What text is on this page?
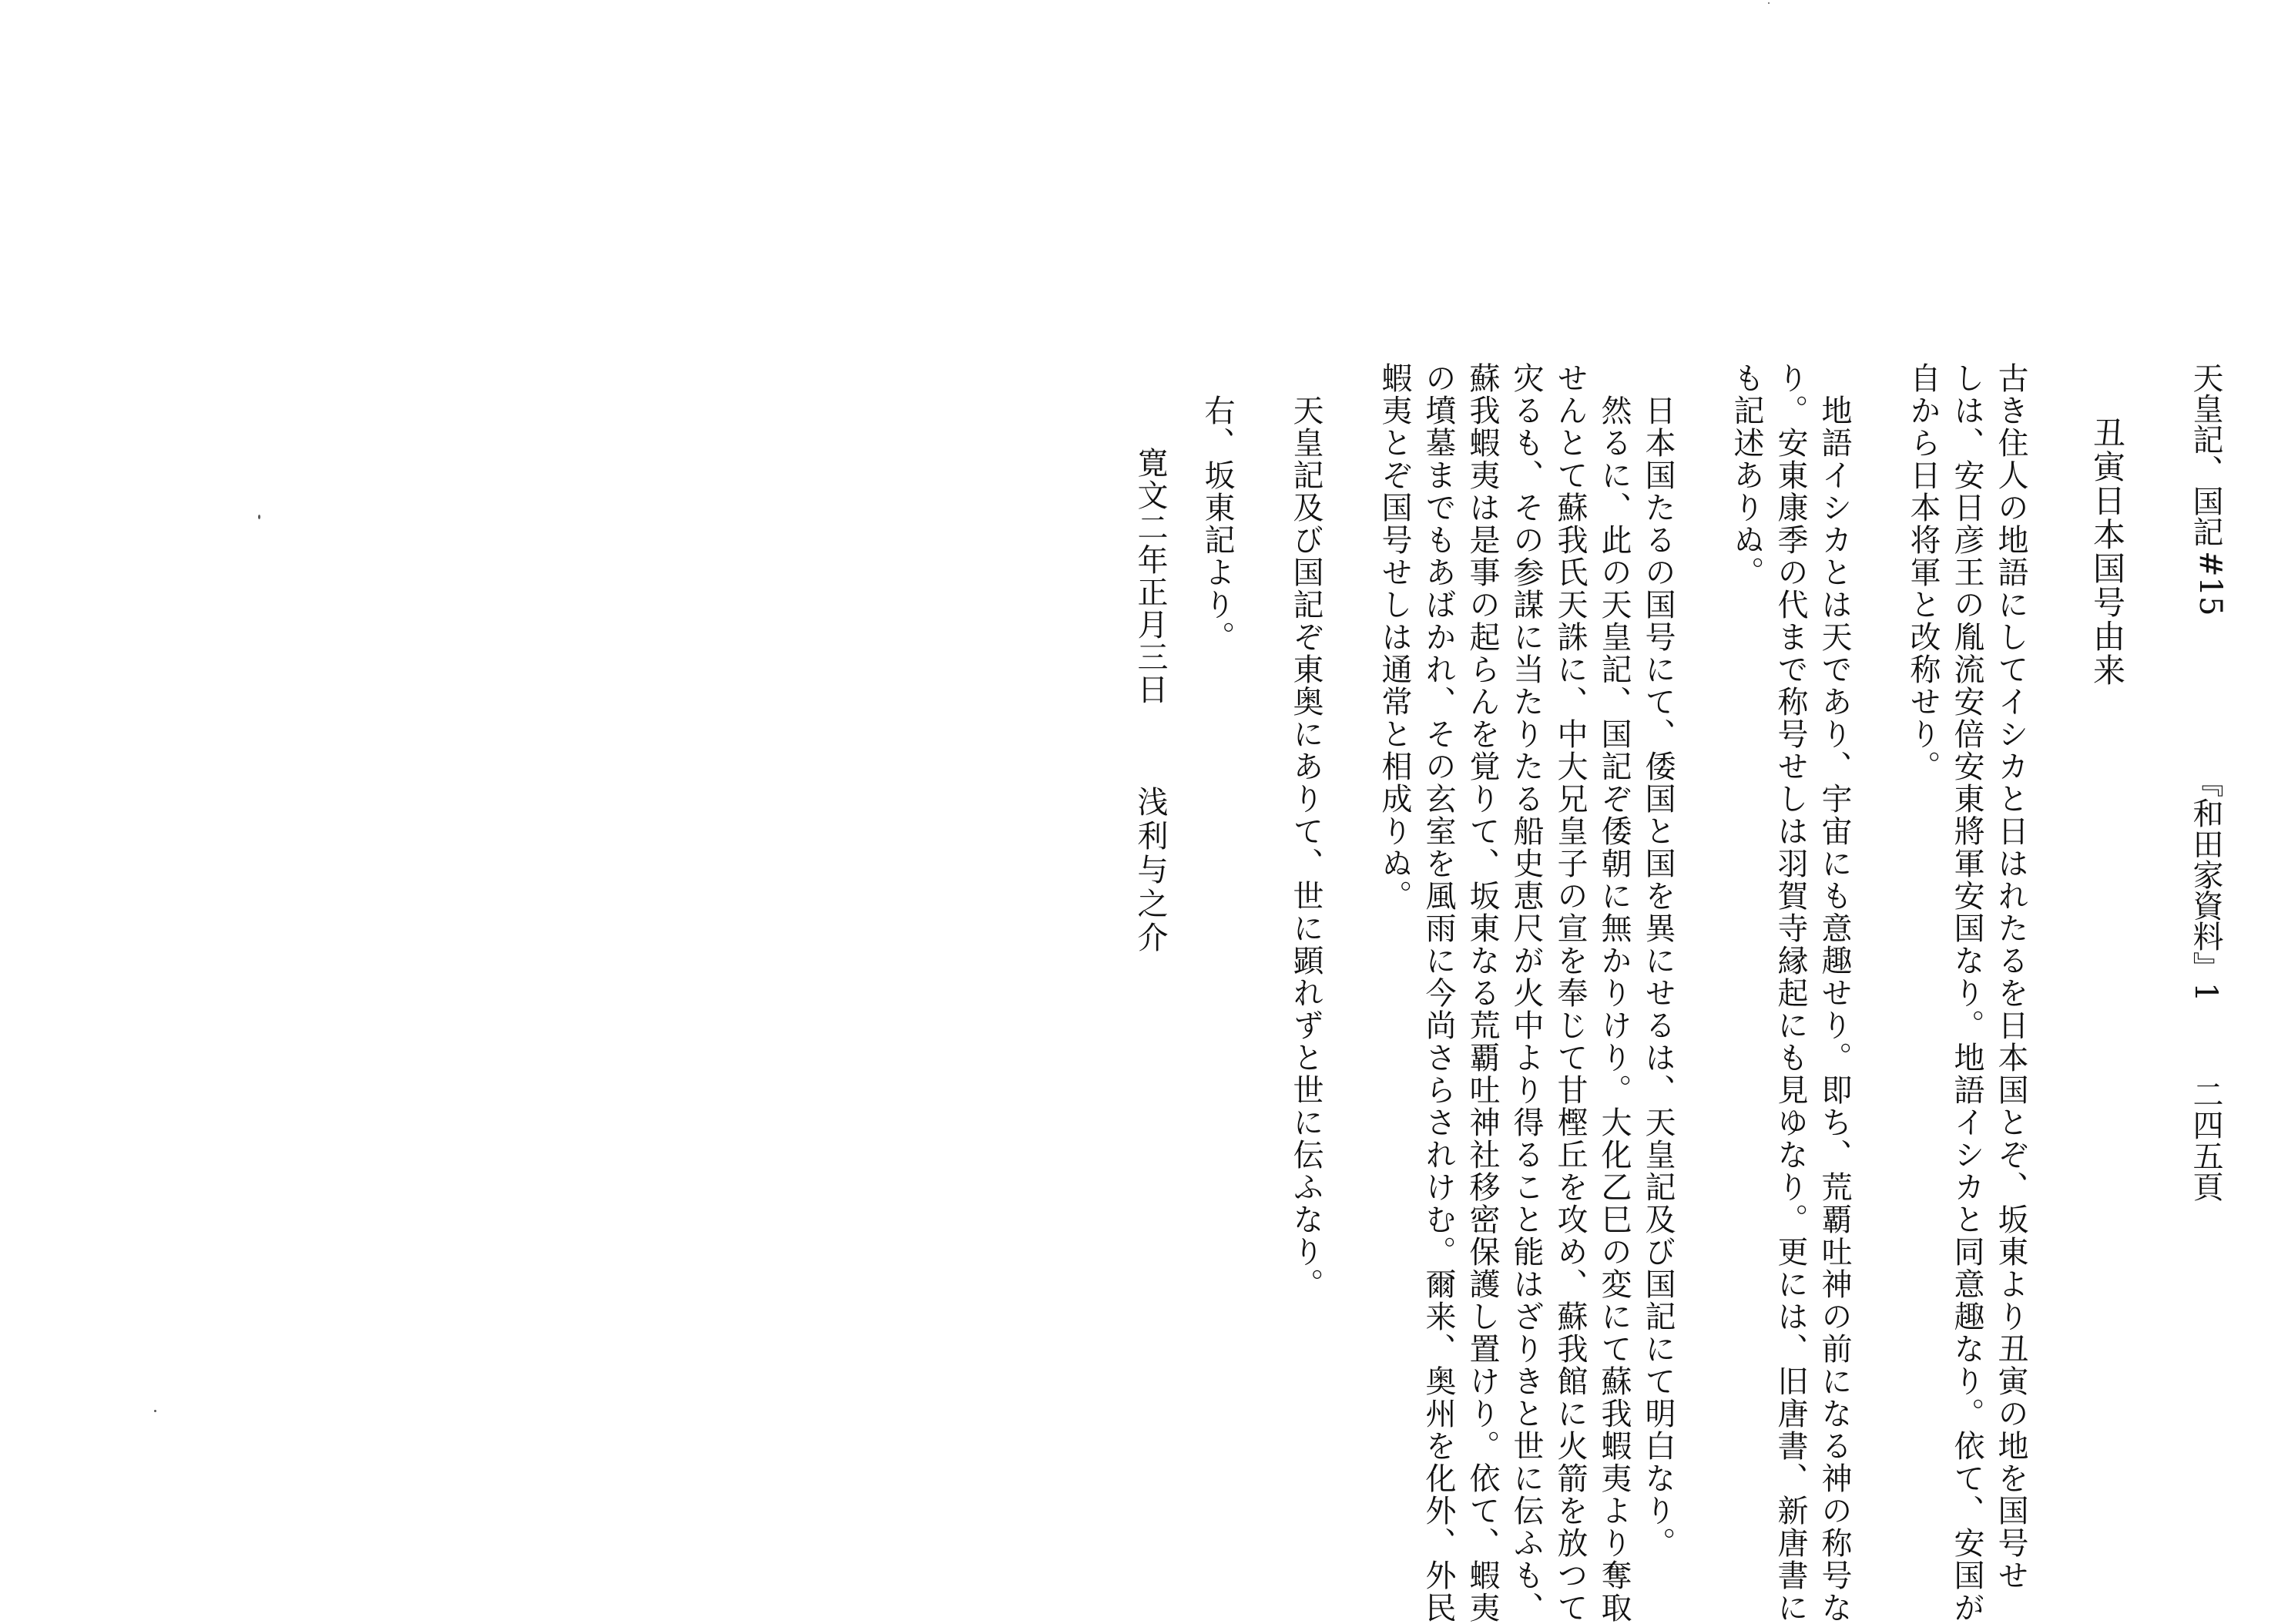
天皇記、国記
#15
『和田家資料』1
二四五頁
丑寅日本国号由来
古き住人の地語にしてイシカと日はれたるを日本国とぞ、坂東より丑寅の地を国号せ
しは、安日彦王の胤流安倍安東將軍安国なり。地語イシカと同意趣なり。依て、安国が
自から日本将軍と改称せり。
　地語イシカとは天であり、宇宙にも意趣せり。即ち、荒覇吐神の前になる神の称号な
り。安東康季の代まで称号せしは羽賀寺縁起にも見ゆなり。更には、旧唐書、新唐書に
も記述ありぬ。
　日本国たるの国号にて、倭国と国を異にせるは、天皇記及び国記にて明白なり。
　然るに、此の天皇記、国記ぞ倭朝に無かりけり。大化乙巳の変にて蘇我蝦夷より奪取
せんとて蘇我氏天誅に、中大兄皇子の宣を奉じて甘樫丘を攻め、蘇我館に火箭を放つて
灾るも、その参謀に当たりたる船史恵尺が火中より得ること能はざりきと世に伝ふも、
蘇我蝦夷は是事の起らんを覚りて、坂東なる荒覇吐神社移密保護し置けり。依て、蝦夷
の墳墓までもあばかれ、その玄室を風雨に今尚さらされけむ。爾来、奥州を化外、外民
蝦夷とぞ国号せしは通常と相成りぬ。
　天皇記及び国記ぞ東奥にありて、世に顕れずと世に伝ふなり。
　右、坂東記より。
寛文二年正月三日
浅利与之介
